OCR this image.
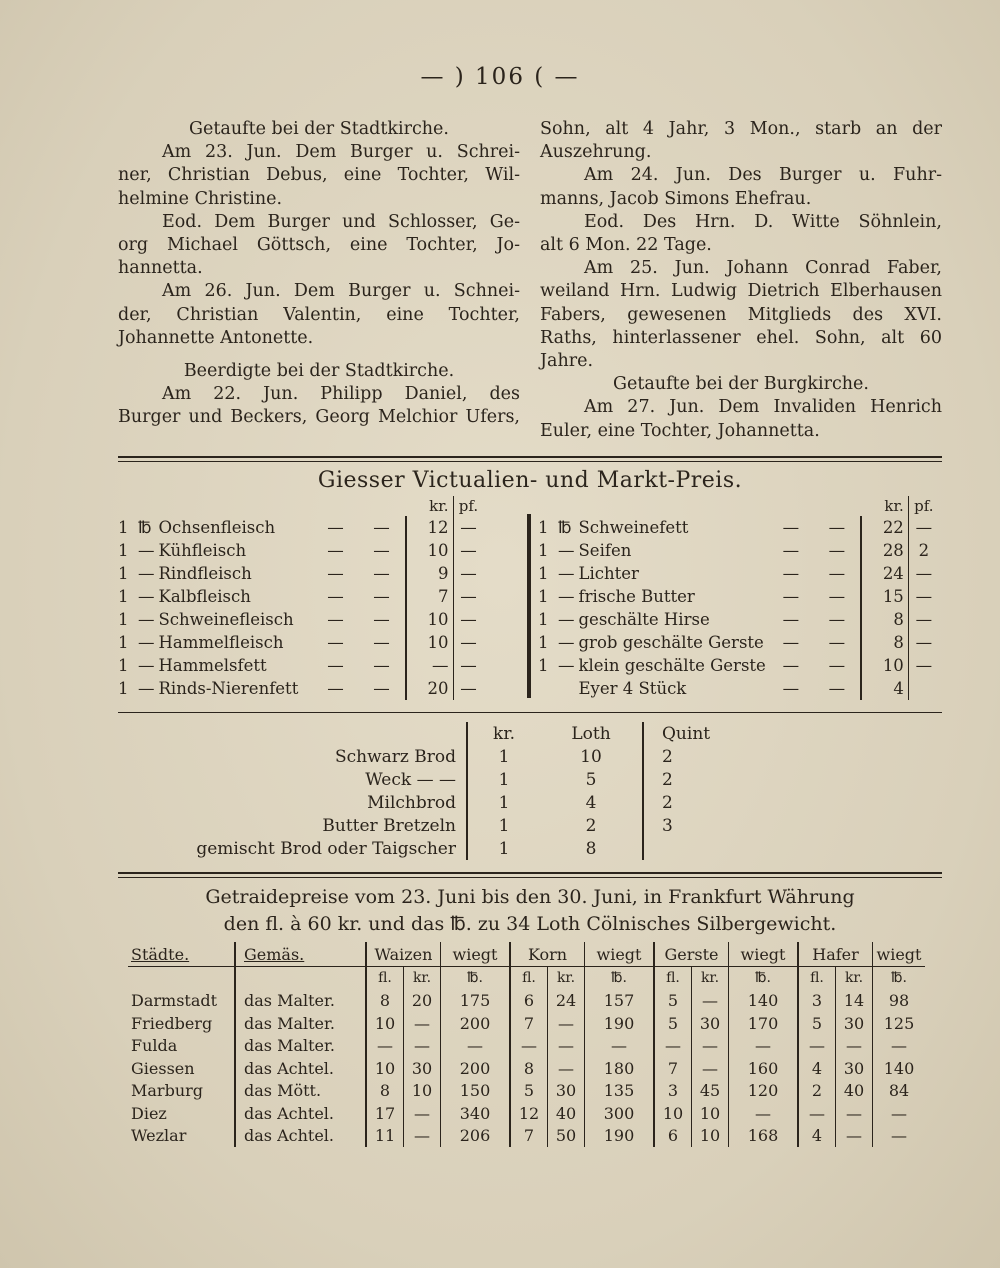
— ) 106 ( —

Getaufte bei der Stadtkirche.

Am 23. Jun. Dem Burger u. Schrei-

ner, Christian Debus, eine Tochter, Wil-

helmine Christine.

Eod. Dem Burger und Schlosser, Ge-

org Michael Göttsch, eine Tochter, Jo-

hannetta.

Am 26. Jun. Dem Burger u. Schnei-

der, Christian Valentin, eine Tochter,

Johannette Antonette.

Beerdigte bei der Stadtkirche.

Am 22. Jun. Philipp Daniel, des

Burger und Beckers, Georg Melchior Ufers,

Sohn, alt 4 Jahr, 3 Mon., starb an der

Auszehrung.

Am 24. Jun. Des Burger u. Fuhr-

manns, Jacob Simons Ehefrau.

Eod. Des Hrn. D. Witte Söhnlein,

alt 6 Mon. 22 Tage.

Am 25. Jun. Johann Conrad Faber,

weiland Hrn. Ludwig Dietrich Elberhausen

Fabers, gewesenen Mitglieds des XVI.

Raths, hinterlassener ehel. Sohn, alt 60

Jahre.

Getaufte bei der Burgkirche.

Am 27. Jun. Dem Invaliden Henrich

Euler, eine Tochter, Johannetta.

Giesser Victualien- und Markt-Preis.
					kr.	pf.
1	℔	Ochsenfleisch	—	—	12	—
1	—	Kühfleisch	—	—	10	—
1	—	Rindfleisch	—	—	9	—
1	—	Kalbfleisch	—	—	7	—
1	—	Schweinefleisch	—	—	10	—
1	—	Hammelfleisch	—	—	10	—
1	—	Hammelsfett	—	—	—	—
1	—	Rinds-Nierenfett	—	—	20	—
					kr.	pf.
1	℔	Schweinefett	—	—	22	—
1	—	Seifen	—	—	28	2
1	—	Lichter	—	—	24	—
1	—	frische Butter	—	—	15	—
1	—	geschälte Hirse	—	—	8	—
1	—	grob geschälte Gerste	—	—	8	—
1	—	klein geschälte Gerste	—	—	10	—
		Eyer 4 Stück	—	—	4	
	kr.	Loth	Quint
Schwarz Brod	1	10	2
Weck — —	1	5	2
Milchbrod	1	4	2
Butter Bretzeln	1	2	3
gemischt Brod oder Taigscher	1	8	
Getraidepreise vom 23. Juni bis den 30. Juni, in Frankfurt Währung
den fl. à 60 kr. und das ℔. zu 34 Loth Cölnisches Silbergewicht.
Städte.	Gemäs.	Waizen		wiegt	Korn		wiegt	Gerste		wiegt	Hafer		wiegt
		fl.	kr.	℔.	fl.	kr.	℔.	fl.	kr.	℔.	fl.	kr.	℔.
Darmstadt	das Malter.	8	20	175	6	24	157	5	—	140	3	14	98
Friedberg	das Malter.	10	—	200	7	—	190	5	30	170	5	30	125
Fulda	das Malter.	—	—	—	—	—	—	—	—	—	—	—	—
Giessen	das Achtel.	10	30	200	8	—	180	7	—	160	4	30	140
Marburg	das Mött.	8	10	150	5	30	135	3	45	120	2	40	84
Diez	das Achtel.	17	—	340	12	40	300	10	10	—	—	—	—
Wezlar	das Achtel.	11	—	206	7	50	190	6	10	168	4	—	—
